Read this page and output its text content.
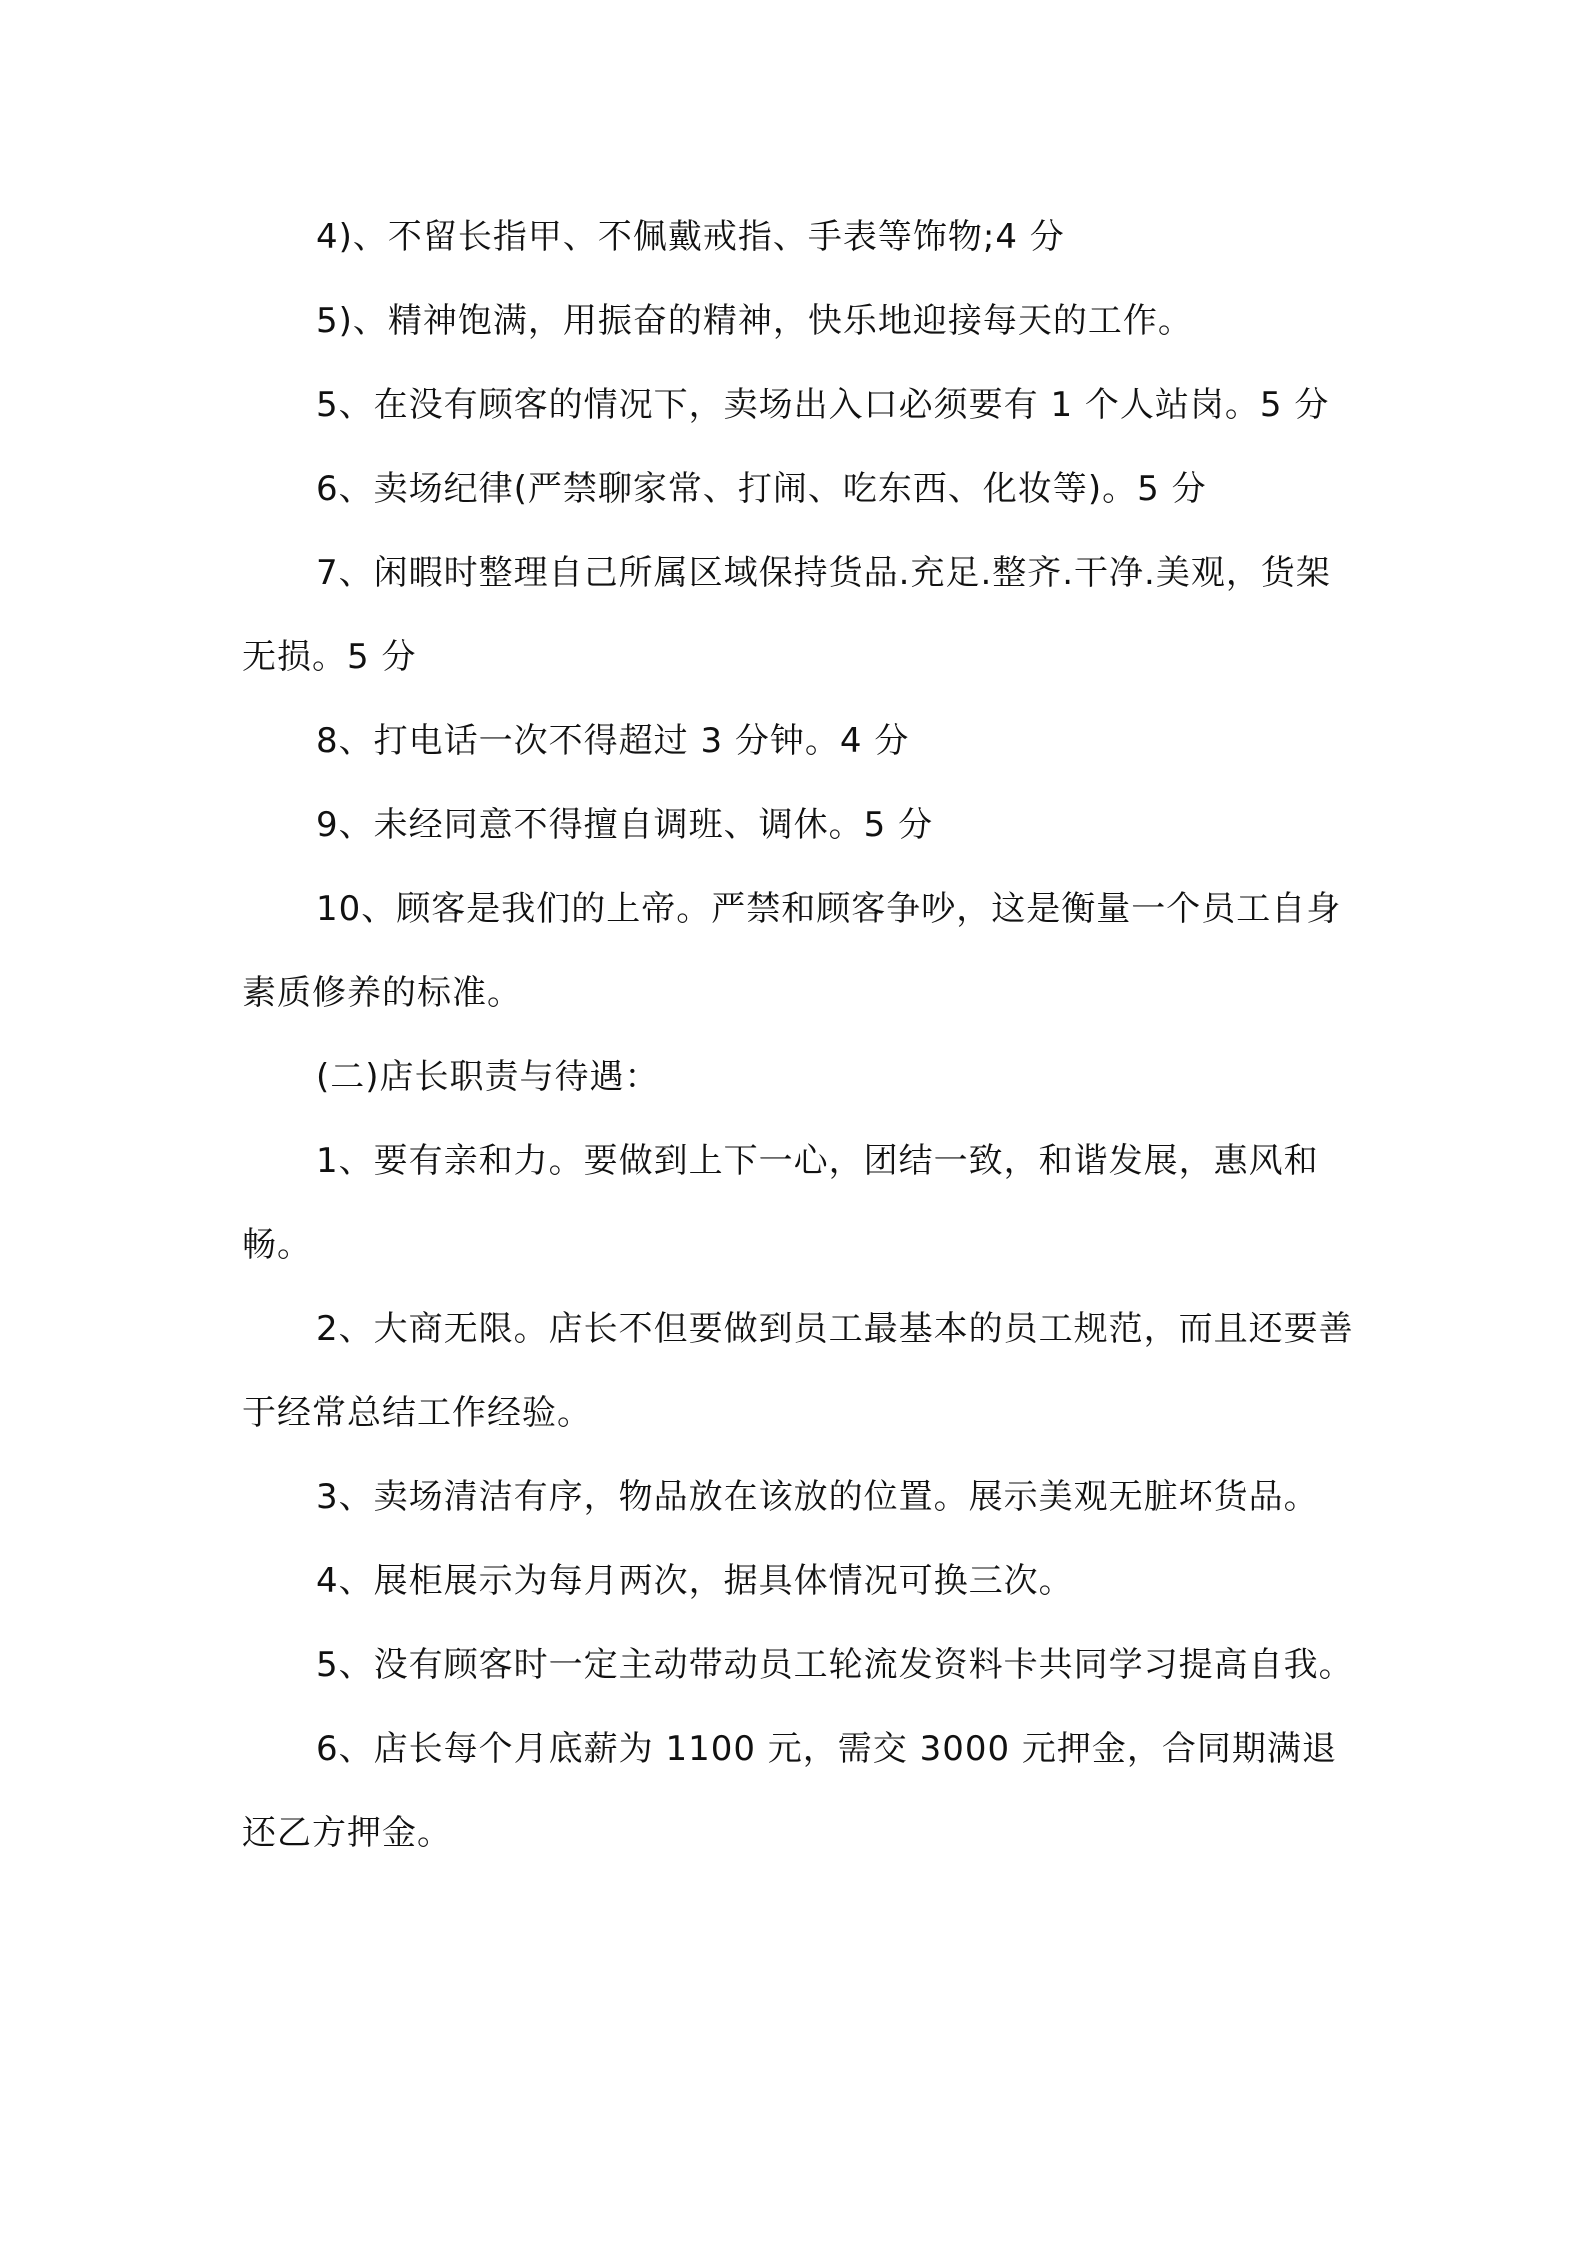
4)、不留长指甲、不佩戴戒指、手表等饰物;4 分

5)、精神饱满，用振奋的精神，快乐地迎接每天的工作。

5、在没有顾客的情况下，卖场出入口必须要有 1 个人站岗。5 分

6、卖场纪律(严禁聊家常、打闹、吃东西、化妆等)。5 分

7、闲暇时整理自己所属区域保持货品.充足.整齐.干净.美观，货架无损。5 分

8、打电话一次不得超过 3 分钟。4 分

9、未经同意不得擅自调班、调休。5 分

10、顾客是我们的上帝。严禁和顾客争吵，这是衡量一个员工自身素质修养的标准。

(二)店长职责与待遇：

1、要有亲和力。要做到上下一心，团结一致，和谐发展，惠风和畅。

2、大商无限。店长不但要做到员工最基本的员工规范，而且还要善于经常总结工作经验。

3、卖场清洁有序，物品放在该放的位置。展示美观无脏坏货品。

4、展柜展示为每月两次，据具体情况可换三次。

5、没有顾客时一定主动带动员工轮流发资料卡共同学习提高自我。

6、店长每个月底薪为 1100 元，需交 3000 元押金，合同期满退还乙方押金。
